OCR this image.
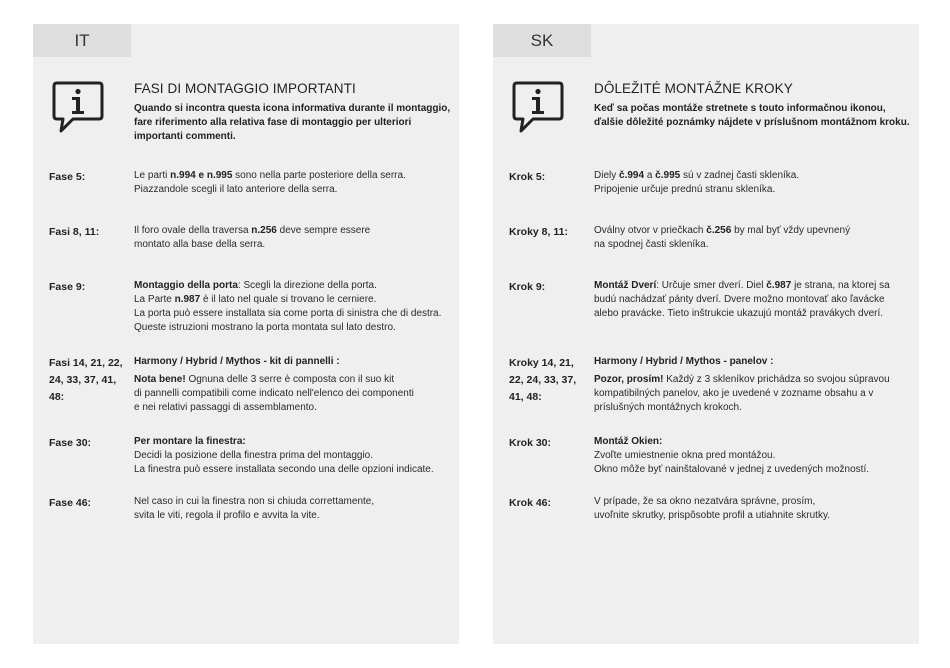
IT
FASI DI MONTAGGIO IMPORTANTI
Quando si incontra questa icona informativa durante il montaggio, fare riferimento alla relativa fase di montaggio per ulteriori importanti commenti.
Fase 5:	Le parti n.994 e n.995 sono nella parte posteriore della serra.

Piazzandole scegli il lato anteriore della serra.

Fasi 8, 11:	Il foro ovale della traversa n.256 deve sempre essere

montato alla base della serra.

Fase 9:	Montaggio della porta: Scegli la direzione della porta.

La Parte n.987 è il lato nel quale si trovano le cerniere.

La porta può essere installata sia come porta di sinistra che di destra.

Queste istruzioni mostrano la porta montata sul lato destro.

Fasi 14, 21, 22, 24, 33, 37, 41, 48:

Harmony / Hybrid / Mythos - kit di pannelli :

Nota bene! Ognuna delle 3 serre è composta con il suo kit

di pannelli compatibili come indicato nell'elenco dei componenti

e nei relativi passaggi di assemblamento.

Fase 30:	Per montare la finestra:

Decidi la posizione della finestra prima del montaggio.

La finestra può essere installata secondo una delle opzioni indicate.

Fase 46:	Nel caso in cui la finestra non si chiuda correttamente,

svita le viti, regola il profilo e avvita la vite.

SK
DÔLEŽITÉ MONTÁŽNE KROKY
Keď sa počas montáže stretnete s touto informačnou ikonou, ďalšie dôležité poznámky nájdete v príslušnom montážnom kroku.
Krok 5:	Diely č.994 a č.995 sú v zadnej časti skleníka.

Pripojenie určuje prednú stranu skleníka.

Kroky 8, 11:	Oválny otvor v priečkach č.256 by mal byť vždy upevnený

na spodnej časti skleníka.

Krok 9:	Montáž Dverí: Určuje smer dverí. Diel č.987 je strana, na ktorej sa

budú nachádzať pánty dverí. Dvere možno montovať ako ľavácke

alebo pravácke. Tieto inštrukcie ukazujú montáž pravákych dverí.

Kroky 14, 21, 22, 24, 33, 37, 41, 48:

Harmony / Hybrid / Mythos - panelov :

Pozor, prosím! Každý z 3 skleníkov prichádza so svojou súpravou

kompatibilných panelov, ako je uvedené v zozname obsahu a v

príslušných montážnych krokoch.

Krok 30:	Montáž Okien:

Zvoľte umiestnenie okna pred montážou.

Okno môže byť nainštalované v jednej z uvedených možností.

Krok 46:	V prípade, že sa okno nezatvára správne, prosím,

uvoľnite skrutky, prispôsobte profil a utiahnite skrutky.
